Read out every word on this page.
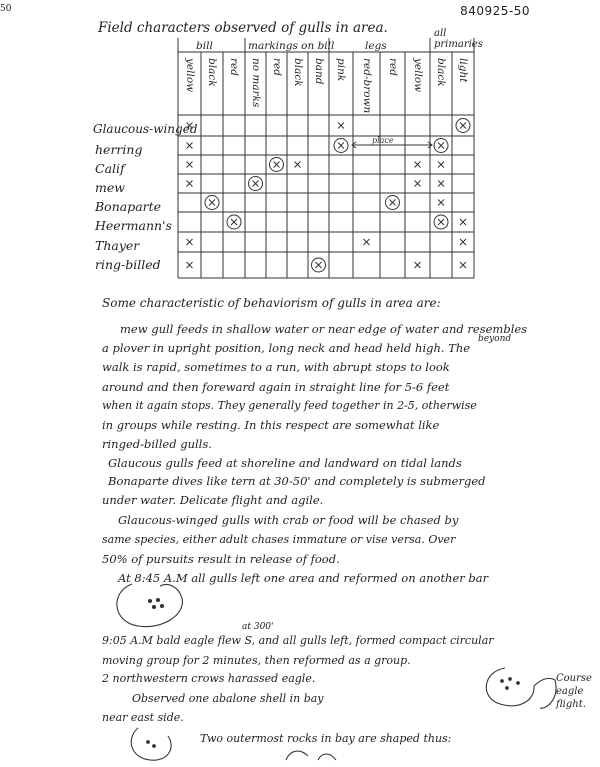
840925-50
50
Field characters observed of gulls in area.
place
bill	markings on bill	legs
all primaries
yellow black red no marks red black band pink red-brown red yellow black light
Glaucous-winged
herring
Calif
mew
Bonaparte
Heermann's
Thayer
ring-billed
Some characteristic of behaviorism of gulls in area are:
beyond
mew gull feeds in shallow water or near edge of water and resembles
a plover in upright position, long neck and head held high. The
walk is rapid, sometimes to a run, with abrupt stops to look
around and then foreward again in straight line for 5-6 feet
when it again stops. They generally feed together in 2-5, otherwise
in groups while resting. In this respect are somewhat like
ringed-billed gulls.
Glaucous gulls feed at shoreline and landward on tidal lands
Bonaparte dives like tern at 30-50' and completely is submerged
under water. Delicate flight and agile.
Glaucous-winged gulls with crab or food will be chased by
same species, either adult chases immature or vise versa. Over
50% of pursuits result in release of food.
At 8:45 A.M all gulls left one area and reformed on another bar
at 300'
9:05 A.M bald eagle flew S, and all gulls left, formed compact circular
moving group for 2 minutes, then reformed as a group.
2 northwestern crows harassed eagle.
Observed one abalone shell in bay
near east side.
Two outermost rocks in bay are shaped thus:
Course eagle flight.
